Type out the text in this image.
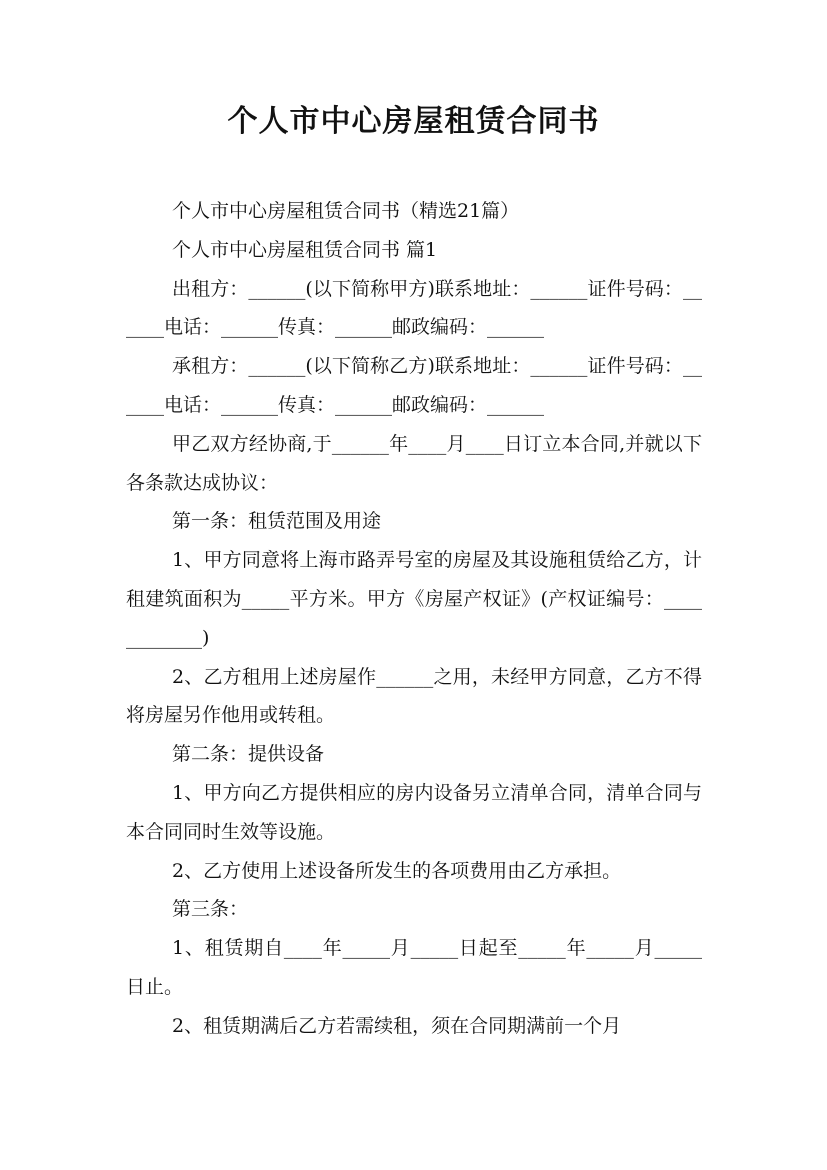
个人市中心房屋租赁合同书

个人市中心房屋租赁合同书（精选21篇）

个人市中心房屋租赁合同书 篇1

出租方：______(以下简称甲方)联系地址：______证件号码：______电话：______传真：______邮政编码：______

承租方：______(以下简称乙方)联系地址：______证件号码：______电话：______传真：______邮政编码：______

甲乙双方经协商,于______年____月____日订立本合同,并就以下各条款达成协议：

第一条：租赁范围及用途

1、甲方同意将上海市路弄号室的房屋及其设施租赁给乙方，计租建筑面积为_____平方米。甲方《房屋产权证》(产权证编号：____________)

2、乙方租用上述房屋作______之用，未经甲方同意，乙方不得将房屋另作他用或转租。

第二条：提供设备

1、甲方向乙方提供相应的房内设备另立清单合同，清单合同与本合同同时生效等设施。

2、乙方使用上述设备所发生的各项费用由乙方承担。

第三条：

1、租赁期自____年_____月_____日起至_____年_____月_____日止。

2、租赁期满后乙方若需续租，须在合同期满前一个月
